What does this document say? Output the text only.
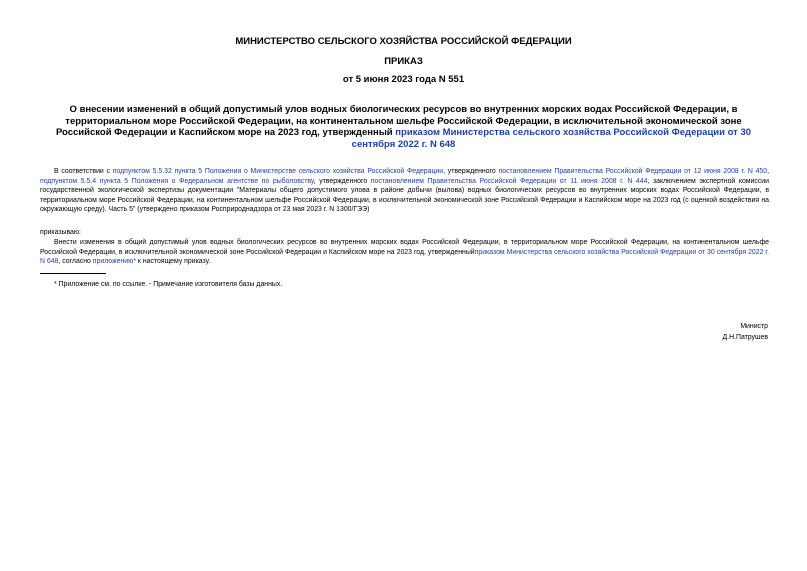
МИНИСТЕРСТВО СЕЛЬСКОГО ХОЗЯЙСТВА РОССИЙСКОЙ ФЕДЕРАЦИИ
ПРИКАЗ
от 5 июня 2023 года N 551
О внесении изменений в общий допустимый улов водных биологических ресурсов во внутренних морских водах Российской Федерации, в территориальном море Российской Федерации, на континентальном шельфе Российской Федерации, в исключительной экономической зоне Российской Федерации и Каспийском море на 2023 год, утвержденный приказом Министерства сельского хозяйства Российской Федерации от 30 сентября 2022 г. N 648
В соответствии с подпунктом 5.5.32 пункта 5 Положения о Министерстве сельского хозяйства Российской Федерации, утвержденного постановлением Правительства Российской Федерации от 12 июня 2008 г. N 450, подпунктом 5.5.4 пункта 5 Положения о Федеральном агентстве по рыболовству, утвержденного постановлением Правительства Российской Федерации от 11 июня 2008 г. N 444, заключением экспертной комиссии государственной экологической экспертизы документации "Материалы общего допустимого улова в районе добычи (вылова) водных биологических ресурсов во внутренних морских водах Российской Федерации, в территориальном море Российской Федерации, на континентальном шельфе Российской Федерации, в исключительной экономической зоне Российской Федерации и Каспийском море на 2023 год (с оценкой воздействия на окружающую среду). Часть 5" (утверждено приказом Росприроднадзора от 23 мая 2023 г. N 1300/ГЭЭ)
приказываю:
Внести изменения в общий допустимый улов водных биологических ресурсов во внутренних морских водах Российской Федерации, в территориальном море Российской Федерации, на континентальном шельфе Российской Федерации, в исключительной экономической зоне Российской Федерации и Каспийском море на 2023 год, утвержденныйприказом Министерства сельского хозяйства Российской Федерации от 30 сентября 2022 г. N 648, согласно приложению* к настоящему приказу.
* Приложение см. по ссылке. - Примечание изготовителя базы данных.
Министр
Д.Н.Патрушев
